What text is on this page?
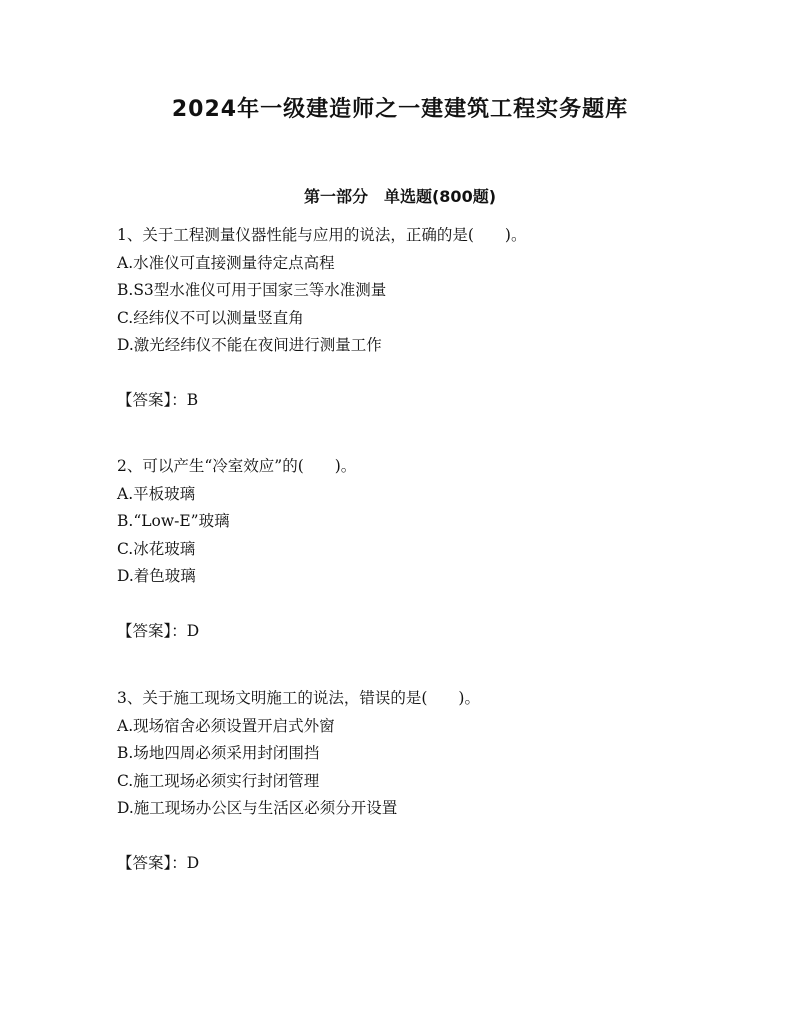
2024年一级建造师之一建建筑工程实务题库
第一部分　单选题(800题)
1、关于工程测量仪器性能与应用的说法，正确的是(　　)。
A.水准仪可直接测量待定点高程
B.S3型水准仪可用于国家三等水准测量
C.经纬仪不可以测量竖直角
D.激光经纬仪不能在夜间进行测量工作
【答案】：B
2、可以产生“冷室效应”的(　　)。
A.平板玻璃
B.“Low-E”玻璃
C.冰花玻璃
D.着色玻璃
【答案】：D
3、关于施工现场文明施工的说法，错误的是(　　)。
A.现场宿舍必须设置开启式外窗
B.场地四周必须采用封闭围挡
C.施工现场必须实行封闭管理
D.施工现场办公区与生活区必须分开设置
【答案】：D
